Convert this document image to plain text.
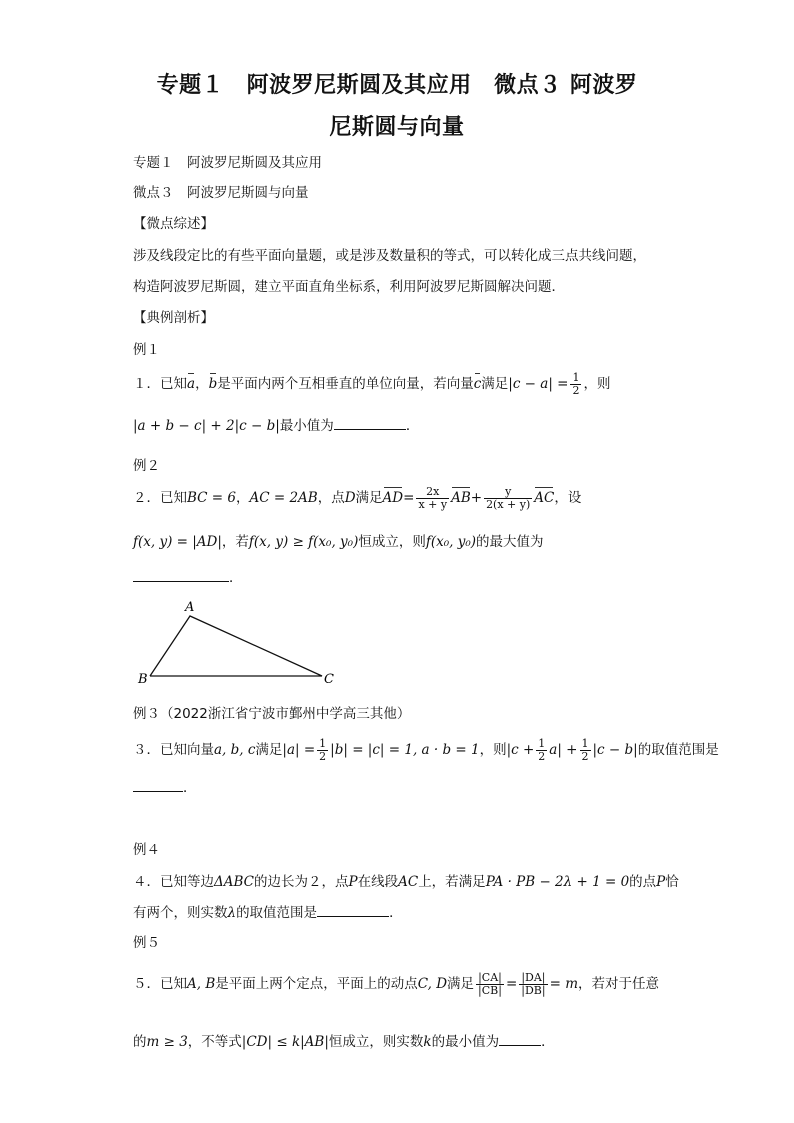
专题１　阿波罗尼斯圆及其应用　微点３ 阿波罗
尼斯圆与向量
专题１　阿波罗尼斯圆及其应用
微点３　阿波罗尼斯圆与向量
【微点综述】
涉及线段定比的有些平面向量题，或是涉及数量积的等式，可以转化成三点共线问题，
构造阿波罗尼斯圆，建立平面直角坐标系，利用阿波罗尼斯圆解决问题．
【典例剖析】
例１
１．已知a，b是平面内两个互相垂直的单位向量，若向量c满足$|c - a| = \frac{1}{2}$ ，则
|a + b − c| + 2|c − b|最小值为	．
例２
２．已知BC = 6，AC = 2AB，点D满足$AD= \frac{2x}{x + y} AB+ \frac{y}{2(x + y)}$ AC，设
f(x, y) = |AD|，若f(x, y) ≥ f(x₀, y₀)恒成立，则f(x₀, y₀)的最大值为
．
A
B	C
例３（2022浙江省宁波市鄞州中学高三其他）
３．已知向量a, b, c满足$|a| = \frac{1}{2} |b| = |c| = 1$, a · b = 1，则$|c + \frac{1}{2} a| + \frac{1}{2} |c - b|$的取值范围是
．
例４
４．已知等边ΔABC的边长为２，点P在线段AC上，若满足PA · PB − 2λ + 1 = 0的点P恰
有两个，则实数λ的取值范围是	．
例５
５．已知A, B是平面上两个定点，平面上的动点C, D满足 $\frac{|CA|}{|CB|} = \frac{|DA|}{|DB|} = m$，若对于任意
的m ≥ 3，不等式|CD| ≤ k|AB|恒成立，则实数k的最小值为	．
